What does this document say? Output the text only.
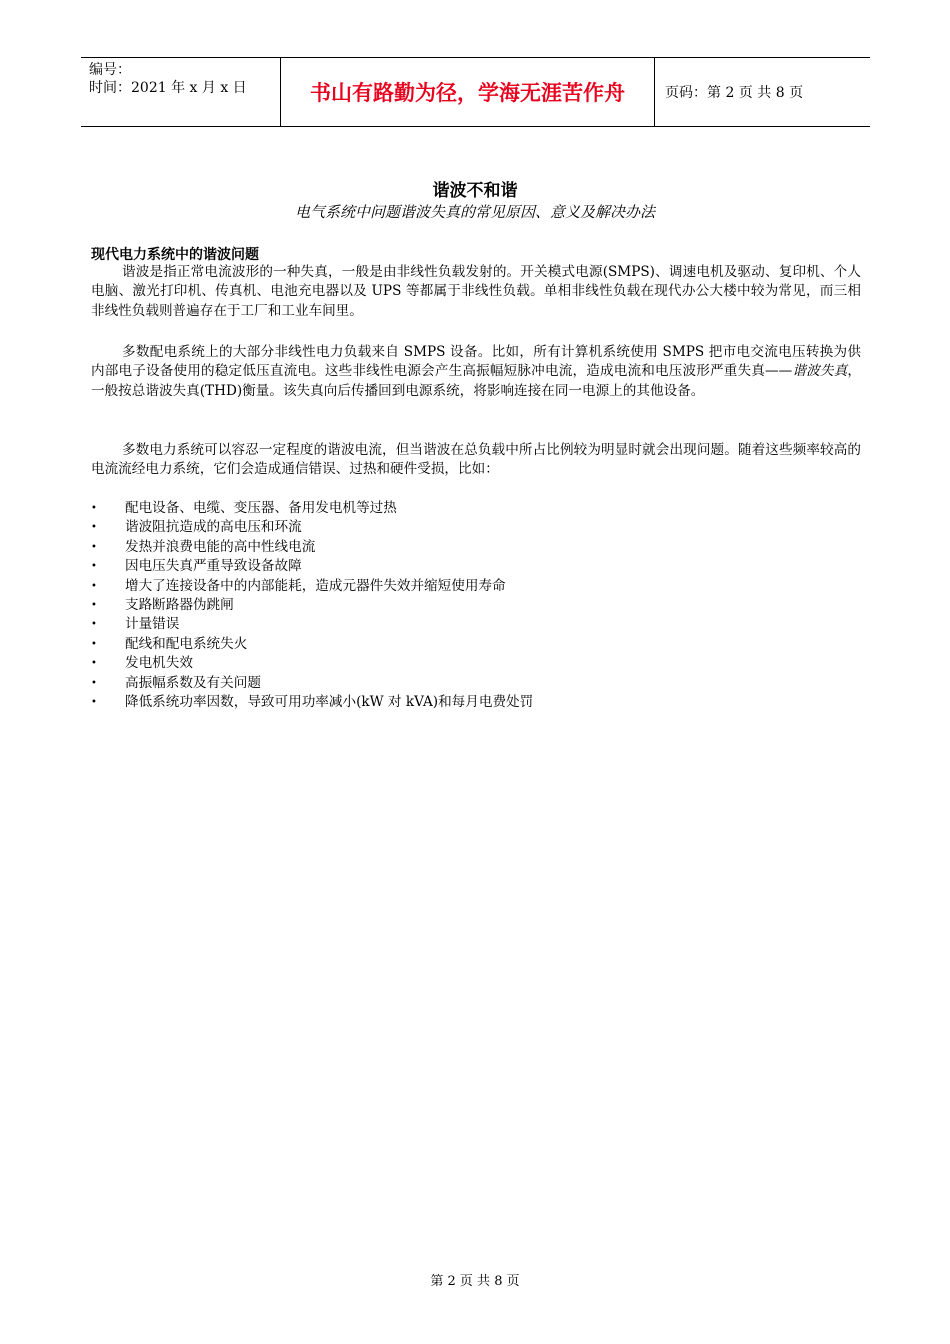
编号：
时间：2021 年 x 月 x 日	书山有路勤为径，学海无涯苦作舟	页码：第 2 页 共 8 页
谐波不和谐
电气系统中问题谐波失真的常见原因、意义及解决办法
现代电力系统中的谐波问题

谐波是指正常电流波形的一种失真，一般是由非线性负载发射的。开关模式电源(SMPS)、调速电机及驱动、复印机、个人电脑、激光打印机、传真机、电池充电器以及 UPS 等都属于非线性负载。单相非线性负载在现代办公大楼中较为常见，而三相非线性负载则普遍存在于工厂和工业车间里。

多数配电系统上的大部分非线性电力负载来自 SMPS 设备。比如，所有计算机系统使用 SMPS 把市电交流电压转换为供内部电子设备使用的稳定低压直流电。这些非线性电源会产生高振幅短脉冲电流，造成电流和电压波形严重失真——谐波失真，一般按总谐波失真(THD)衡量。该失真向后传播回到电源系统，将影响连接在同一电源上的其他设备。

多数电力系统可以容忍一定程度的谐波电流，但当谐波在总负载中所占比例较为明显时就会出现问题。随着这些频率较高的电流流经电力系统，它们会造成通信错误、过热和硬件受损，比如：

• 配电设备、电缆、变压器、备用发电机等过热
• 谐波阻抗造成的高电压和环流
• 发热并浪费电能的高中性线电流
• 因电压失真严重导致设备故障
• 增大了连接设备中的内部能耗，造成元器件失效并缩短使用寿命
• 支路断路器伪跳闸
• 计量错误
• 配线和配电系统失火
• 发电机失效
• 高振幅系数及有关问题
• 降低系统功率因数，导致可用功率减小(kW 对 kVA)和每月电费处罚
第 2 页 共 8 页
